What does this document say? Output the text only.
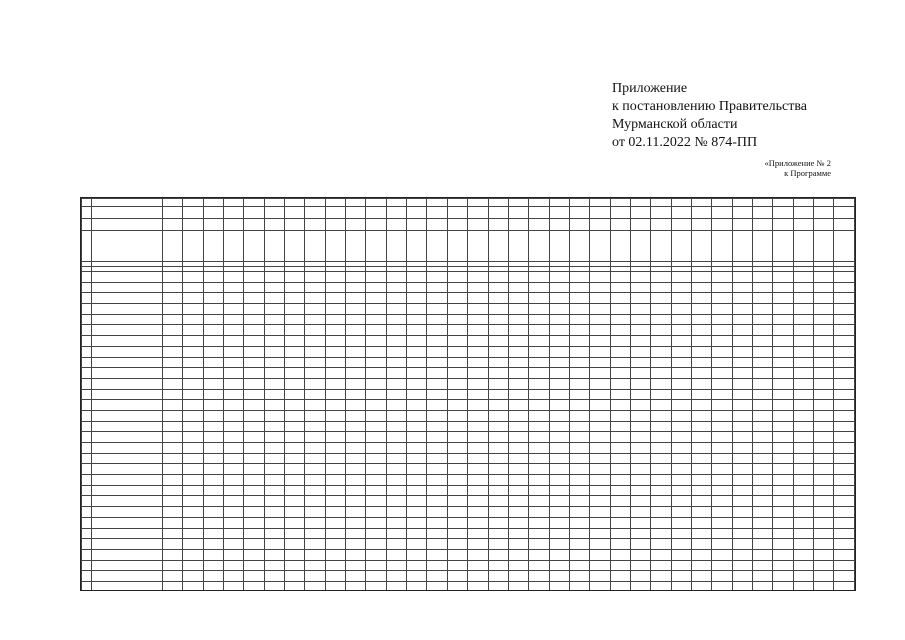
Приложение
к постановлению Правительства
Мурманской области
от 02.11.2022 № 874-ПП
«Приложение № 2
к Программе
